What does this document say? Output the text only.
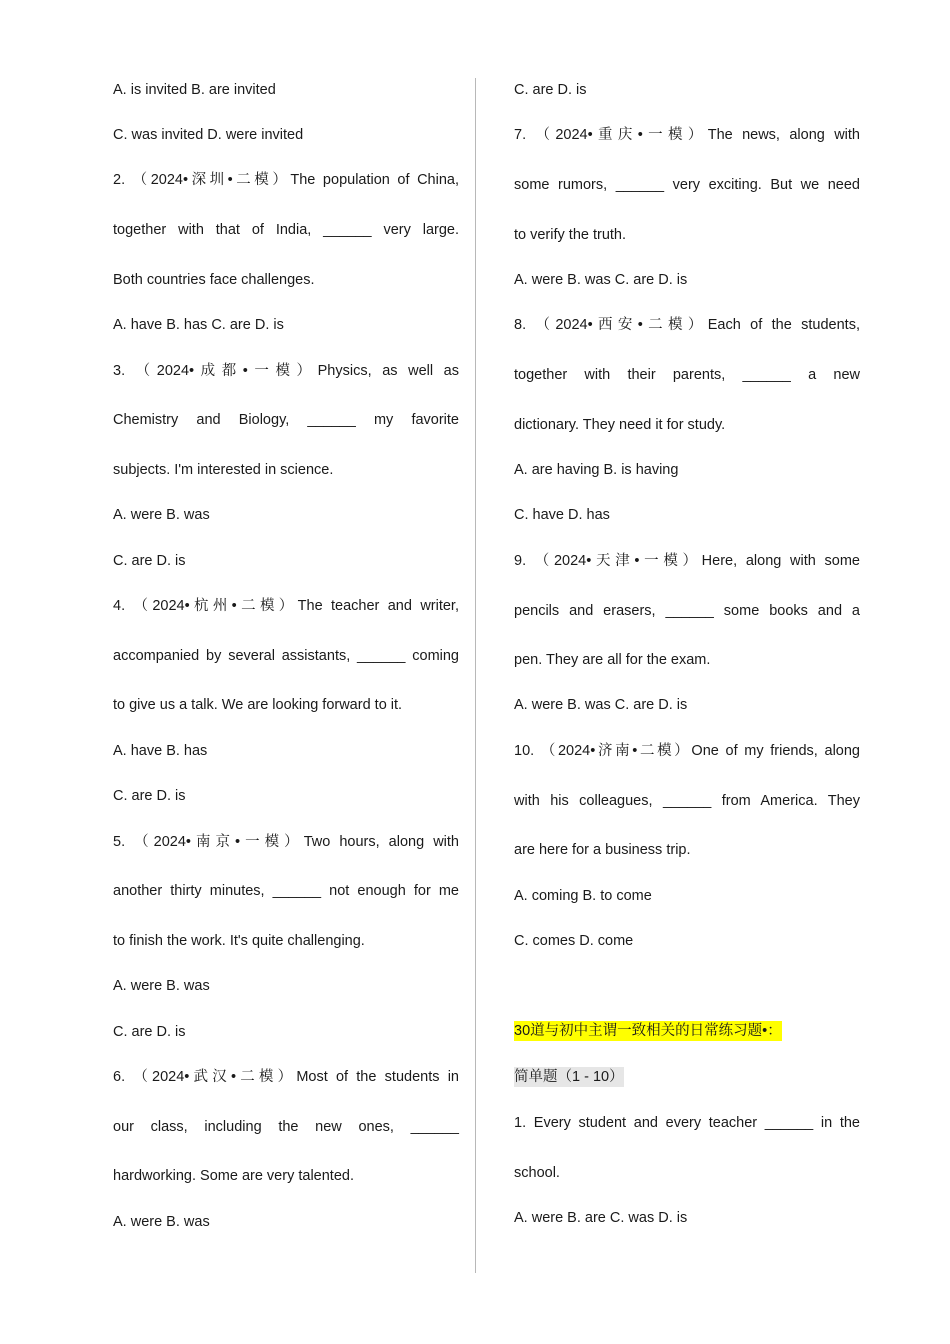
A. is invited B. are invited
C. was invited D. were invited
2. （2024•深圳•二模）The population of China,
together with that of India, ______ very large.
Both countries face challenges.
A. have B. has C. are D. is
3. （2024•成都•一模）Physics, as well as
Chemistry and Biology, ______ my favorite
subjects. I'm interested in science.
A. were B. was
C. are D. is
4. （2024•杭州•二模）The teacher and writer,
accompanied by several assistants, ______ coming
to give us a talk. We are looking forward to it.
A. have B. has
C. are D. is
5. （2024•南京•一模）Two hours, along with
another thirty minutes, ______ not enough for me
to finish the work. It's quite challenging.
A. were B. was
C. are D. is
6. （2024•武汉•二模）Most of the students in
our class, including the new ones, ______
hardworking. Some are very talented.
A. were B. was
C. are D. is
7. （2024•重庆•一模）The news, along with
some rumors, ______ very exciting. But we need
to verify the truth.
A. were B. was C. are D. is
8. （2024•西安•二模）Each of the students,
together with their parents, ______ a new
dictionary. They need it for study.
A. are having B. is having
C. have D. has
9. （2024•天津•一模）Here, along with some
pencils and erasers, ______ some books and a
pen. They are all for the exam.
A. were B. was C. are D. is
10. （2024•济南•二模）One of my friends, along
with his colleagues, ______ from America. They
are here for a business trip.
A. coming B. to come
C. comes D. come
30道与初中主谓一致相关的日常练习题•：
简单题（1 - 10）
1. Every student and every teacher ______ in the
school.
A. were B. are C. was D. is
